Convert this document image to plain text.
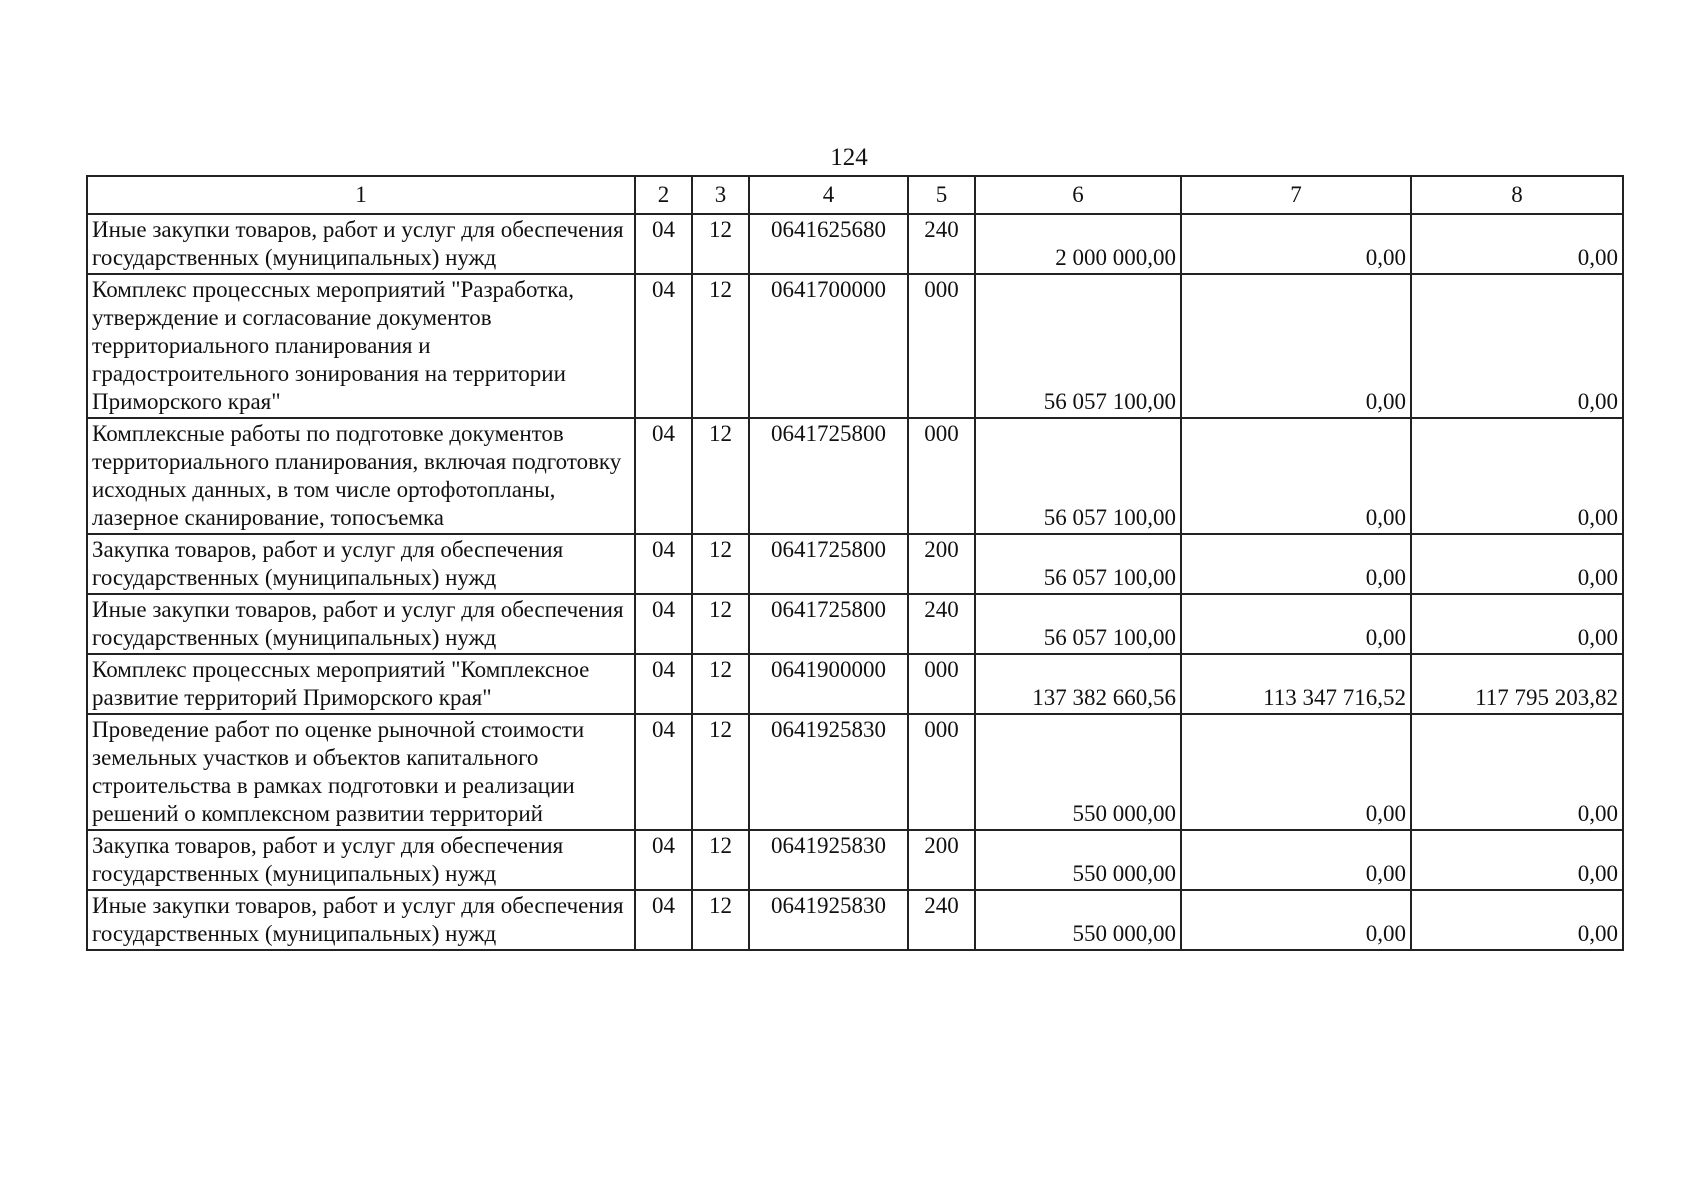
124
1	2	3	4	5	6	7	8
Иные закупки товаров, работ и услуг для обеспечения государственных (муниципальных) нужд	04	12	0641625680	240	2 000 000,00	0,00	0,00
Комплекс процессных мероприятий "Разработка, утверждение и согласование документов территориального планирования и градостроительного зонирования на территории Приморского края"	04	12	0641700000	000	56 057 100,00	0,00	0,00
Комплексные работы по подготовке документов территориального планирования, включая подготовку исходных данных, в том числе ортофотопланы, лазерное сканирование, топосъемка	04	12	0641725800	000	56 057 100,00	0,00	0,00
Закупка товаров, работ и услуг для обеспечения государственных (муниципальных) нужд	04	12	0641725800	200	56 057 100,00	0,00	0,00
Иные закупки товаров, работ и услуг для обеспечения государственных (муниципальных) нужд	04	12	0641725800	240	56 057 100,00	0,00	0,00
Комплекс процессных мероприятий "Комплексное развитие территорий Приморского края"	04	12	0641900000	000	137 382 660,56	113 347 716,52	117 795 203,82
Проведение работ по оценке рыночной стоимости земельных участков и объектов капитального строительства в рамках подготовки и реализации решений о комплексном развитии территорий	04	12	0641925830	000	550 000,00	0,00	0,00
Закупка товаров, работ и услуг для обеспечения государственных (муниципальных) нужд	04	12	0641925830	200	550 000,00	0,00	0,00
Иные закупки товаров, работ и услуг для обеспечения государственных (муниципальных) нужд	04	12	0641925830	240	550 000,00	0,00	0,00
